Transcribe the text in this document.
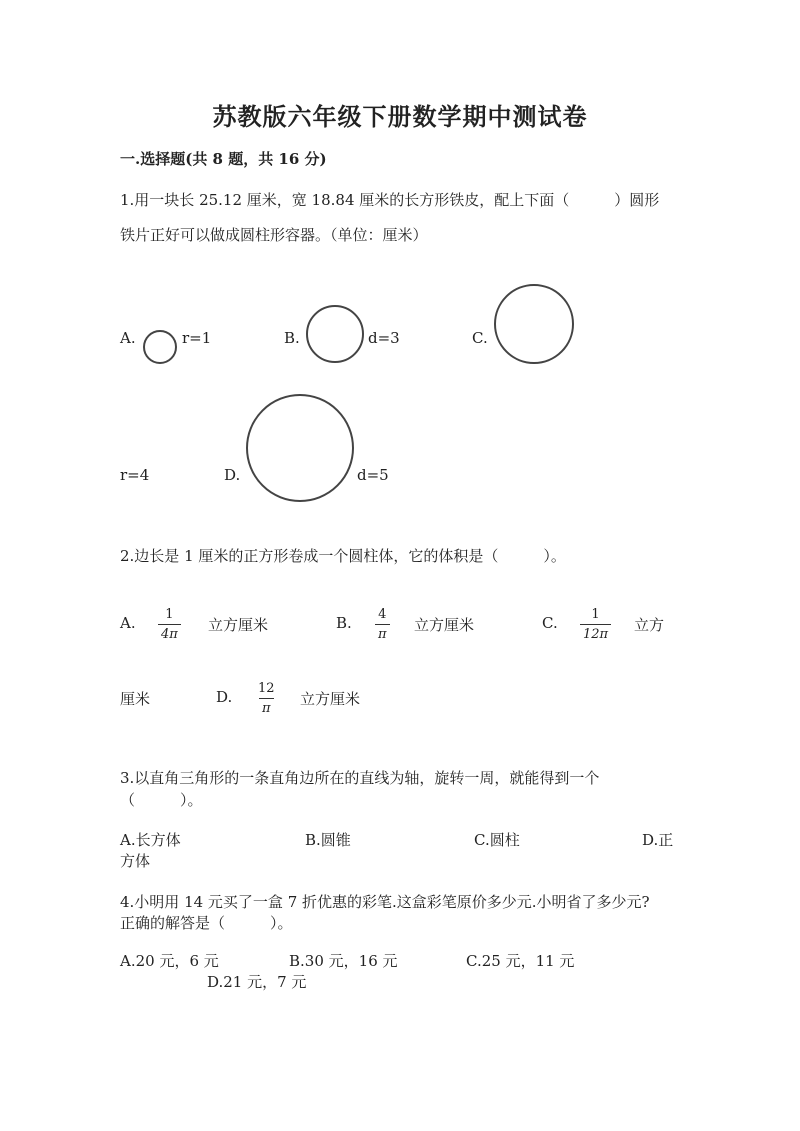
苏教版六年级下册数学期中测试卷
一.选择题(共 8 题，共 16 分)
1.用一块长 25.12 厘米，宽 18.84 厘米的长方形铁皮，配上下面（　　　）圆形
铁片正好可以做成圆柱形容器。（单位：厘米）
A.	r=1	B.	d=3	C.
r=4	D.	d=5
2.边长是 1 厘米的正方形卷成一个圆柱体，它的体积是（　　　）。
A. $\frac{1}{4\pi}$ 立方厘米	B. $\frac{4}{\pi}$ 立方厘米	C. $\frac{1}{12\pi}$ 立方
厘米	D. $\frac{12}{\pi}$ 立方厘米
3.以直角三角形的一条直角边所在的直线为轴，旋转一周，就能得到一个
（　　　）。
A.长方体	B.圆锥	C.圆柱	D.正
方体
4.小明用 14 元买了一盒 7 折优惠的彩笔.这盒彩笔原价多少元.小明省了多少元?
正确的解答是（　　　）。
A.20 元，6 元	B.30 元，16 元	C.25 元，11 元
D.21 元，7 元
